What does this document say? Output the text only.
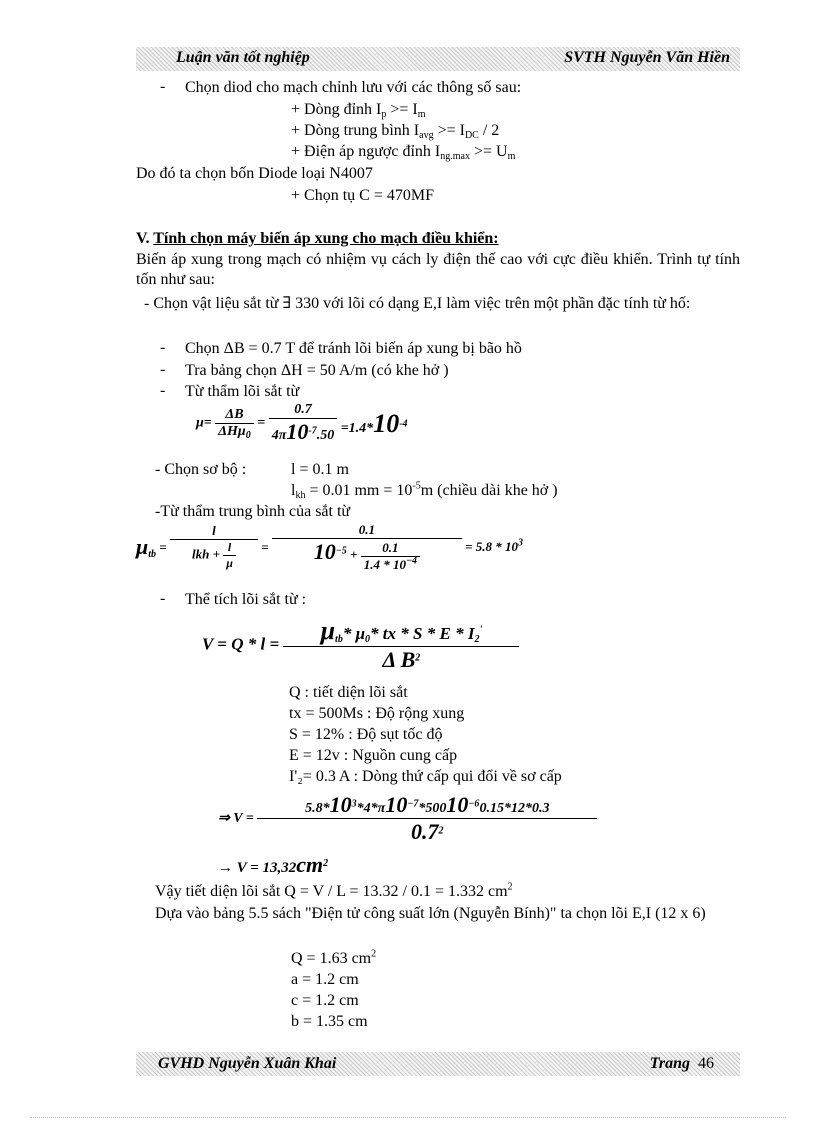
Luận văn tốt nghiệp	SVTH Nguyễn Văn Hiền
- Chọn diod cho mạch chỉnh lưu với các thông số sau:
+ Dòng đỉnh $I_p >= I_m$
+ Dòng trung bình $I_{avg} >= I_{DC} / 2$
+ Điện áp ngược đỉnh $I_{ng.max} >= U_m$
Do đó ta chọn bốn Diode loại N4007
+ Chọn tụ C = 470MF
V. Tính chọn máy biến áp xung cho mạch điều khiển:
Biến áp xung trong mạch có nhiệm vụ cách ly điện thế cao với cực điều khiển. Trình tự tính tốn như sau:
- Chọn vật liệu sắt từ ∃ 330 với lõi có dạng E,I làm việc trên một phần đặc tính từ hố:
- Chọn ΔB = 0.7 T để tránh lõi biến áp xung bị bão hồ
- Tra bảng chọn ΔH = 50 A/m (có khe hở )
- Từ thẩm lõi sắt từ
$\mu= \frac{\Delta B}{\Delta H\mu_0} = \frac{0.7}{4\pi 10^{-7}.50} =1.4*10^{-4}$
- Chọn sơ bộ :	l = 0.1 m
$l_{kh} = 0.01$ mm = $10^{-5}m$ (chiều dài khe hở )
-Từ thẩm trung bình của sắt từ
$\mu_{tb} = \frac{l}{lkh + \frac{l}{\mu}} = \frac{0.1}{10^{-5} + \frac{0.1}{1.4 * 10^{-4}}} = 5.8 * 10^3$
- Thể tích lõi sắt từ :
$V = Q * l = \frac{\mu_{tb}* \mu_0* tx * S * E * I_2'}{\Delta B^2}$
Q : tiết diện lõi sắt
tx = 500Ms : Độ rộng xung
S = 12% : Độ sụt tốc độ
E = 12v : Nguồn cung cấp
I'₂= 0.3 A : Dòng thứ cấp qui đổi về sơ cấp
⇒ $V = \frac{5.8*10^3*4*\pi 10^{-7}*50010^{-6}0.15*12*0.3}{0.7^2}$
→ $V = 13,32cm^2$
Vậy tiết diện lõi sắt Q = V / L = 13.32 / 0.1 = 1.332 $cm^2$
Dựa vào bảng 5.5 sách "Điện tử công suất lớn (Nguyễn Bính)" ta chọn lõi E,I (12 x 6)
Q = 1.63 $cm^2$
a = 1.2 cm
c = 1.2 cm
b = 1.35 cm
GVHD Nguyễn Xuân Khai	Trang 46
